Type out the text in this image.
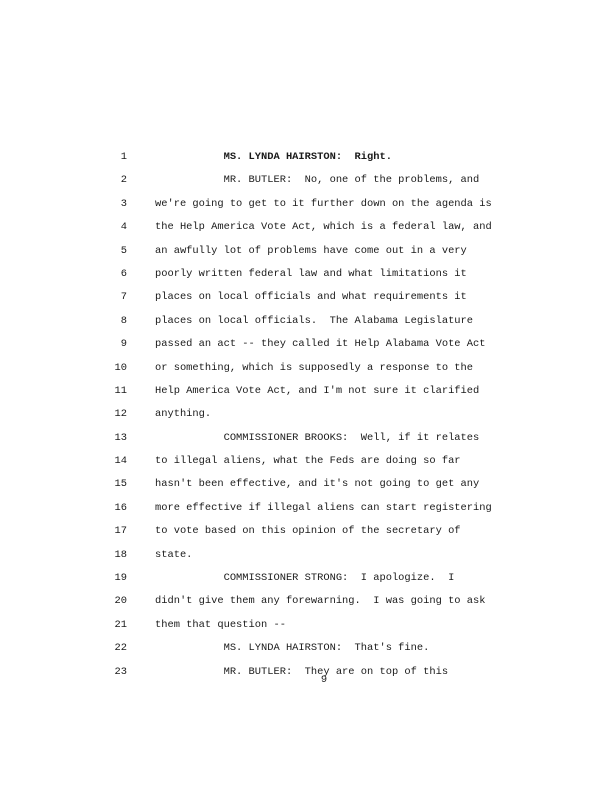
1	MS. LYNDA HAIRSTON:  Right.
2	MR. BUTLER:  No, one of the problems, and
3	we're going to get to it further down on the agenda is
4	the Help America Vote Act, which is a federal law, and
5	an awfully lot of problems have come out in a very
6	poorly written federal law and what limitations it
7	places on local officials and what requirements it
8	places on local officials.  The Alabama Legislature
9	passed an act -- they called it Help Alabama Vote Act
10	or something, which is supposedly a response to the
11	Help America Vote Act, and I'm not sure it clarified
12	anything.
13	COMMISSIONER BROOKS:  Well, if it relates
14	to illegal aliens, what the Feds are doing so far
15	hasn't been effective, and it's not going to get any
16	more effective if illegal aliens can start registering
17	to vote based on this opinion of the secretary of
18	state.
19	COMMISSIONER STRONG:  I apologize.  I
20	didn't give them any forewarning.  I was going to ask
21	them that question --
22	MS. LYNDA HAIRSTON:  That's fine.
23	MR. BUTLER:  They are on top of this
9
